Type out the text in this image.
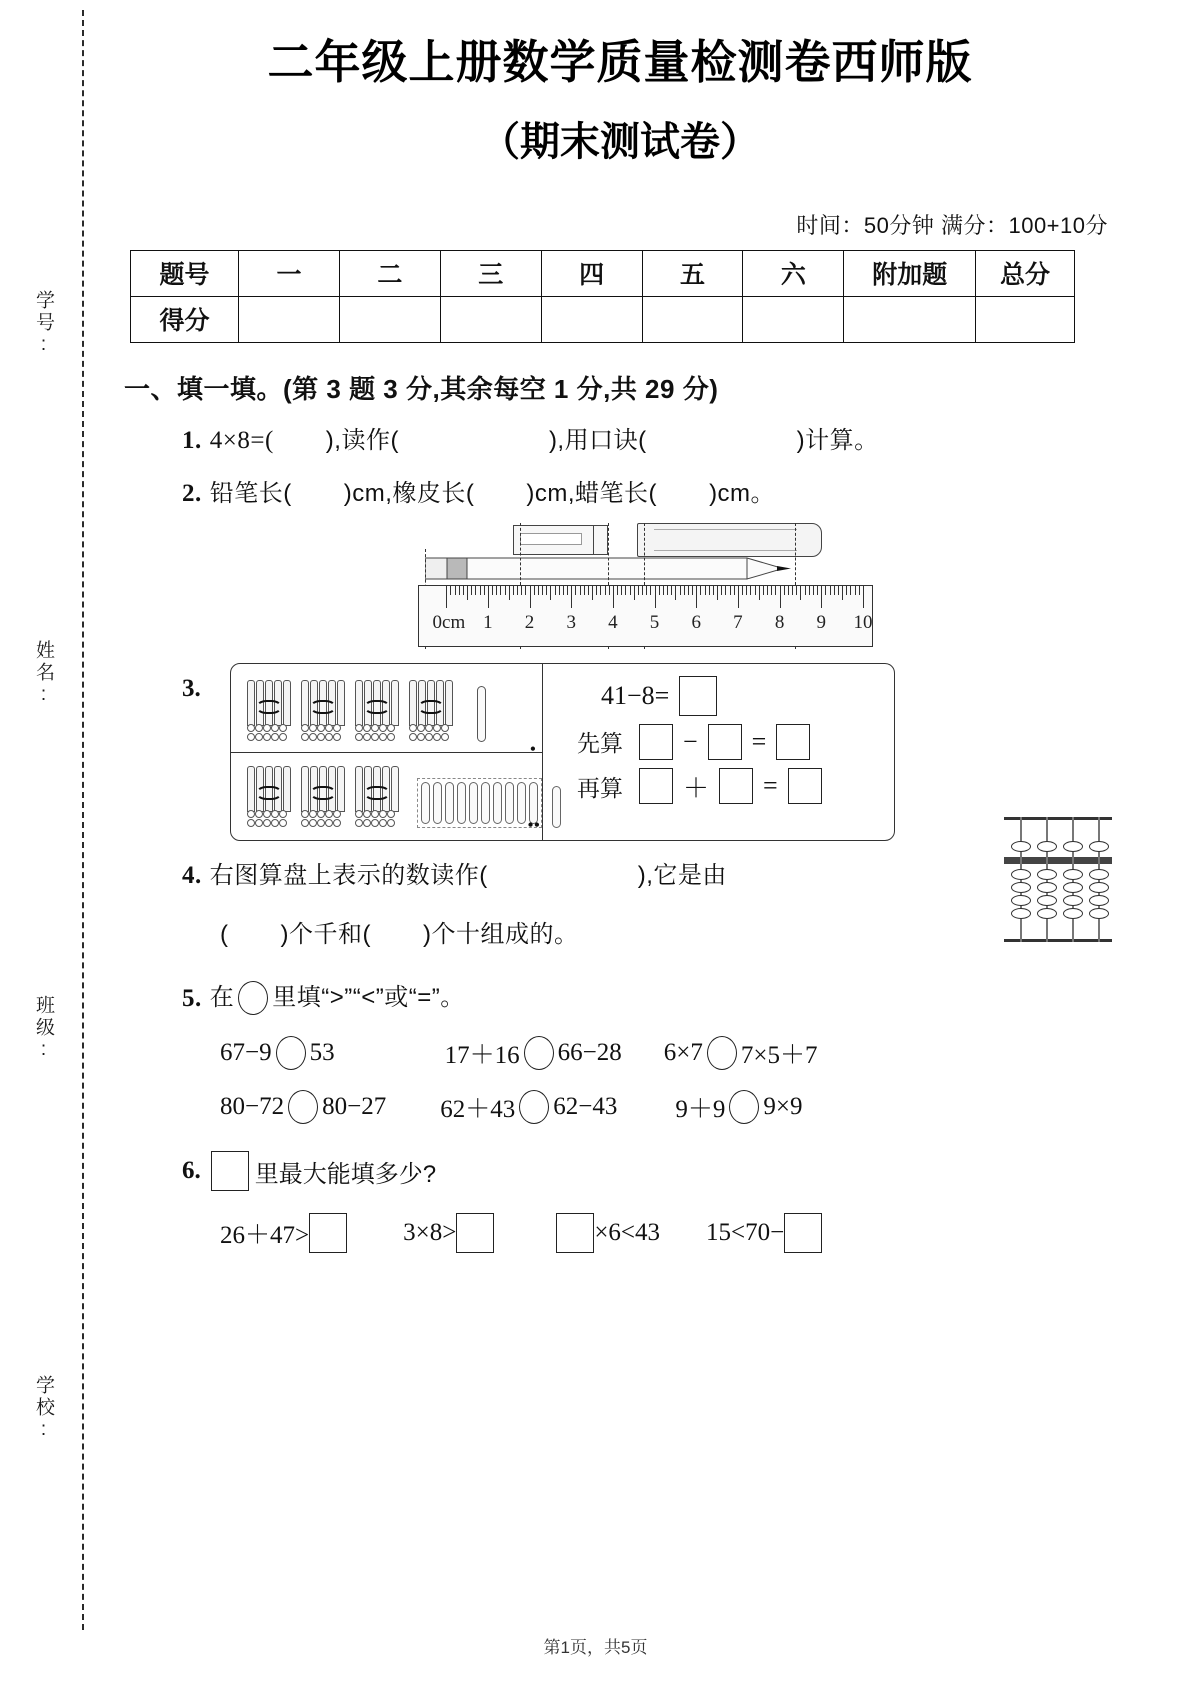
学号:
姓名:
班级:
学校:
二年级上册数学质量检测卷西师版
（期末测试卷）
时间：50分钟 满分：100+10分
题号	一	二	三	四	五	六	附加题	总分
得分								
一、填一填。(第 3 题 3 分,其余每空 1 分,共 29 分)
1. 4×8=( ),读作(	),用口诀(	)计算。
2. 铅笔长( )cm,橡皮长( )cm,蜡笔长( )cm。
0cm 1 2 3 4 5 6 7 8 9 10
3.
•
••
41−8=
先算 − =
再算 ＋ =
4. 右图算盘上表示的数读作(	),它是由
( )个千和( )个十组成的。
5. 在 里填“>”“<”或“=”。
67−9 53	17＋16 66−28 6×7 7×5＋7
80−72 80−27 62＋43 62−43 9＋9 9×9
6. 里最大能填多少?
26＋47>	3×8>	×6<43 15<70−
第1页，共5页
